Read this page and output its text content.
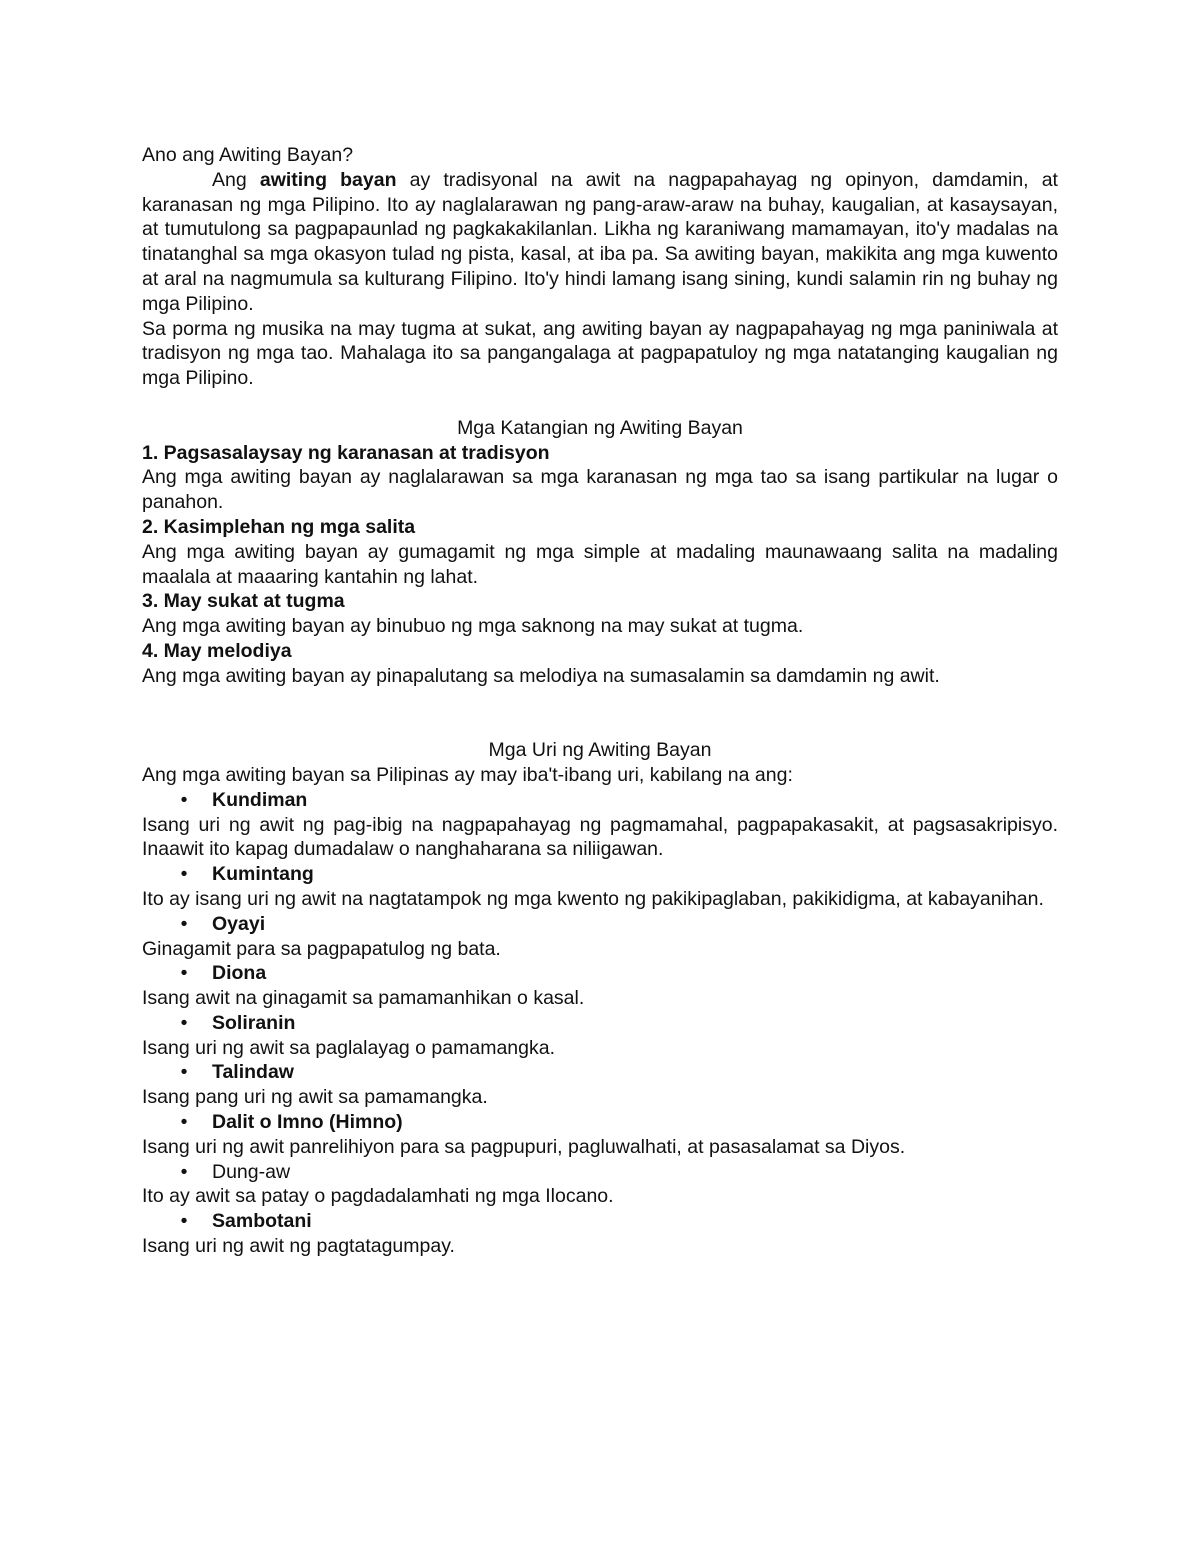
Ano ang Awiting Bayan?

Ang awiting bayan ay tradisyonal na awit na nagpapahayag ng opinyon, damdamin, at karanasan ng mga Pilipino. Ito ay naglalarawan ng pang-araw-araw na buhay, kaugalian, at kasaysayan, at tumutulong sa pagpapaunlad ng pagkakakilanlan. Likha ng karaniwang mamamayan, ito'y madalas na tinatanghal sa mga okasyon tulad ng pista, kasal, at iba pa. Sa awiting bayan, makikita ang mga kuwento at aral na nagmumula sa kulturang Filipino. Ito'y hindi lamang isang sining, kundi salamin rin ng buhay ng mga Pilipino.

Sa porma ng musika na may tugma at sukat, ang awiting bayan ay nagpapahayag ng mga paniniwala at tradisyon ng mga tao. Mahalaga ito sa pangangalaga at pagpapatuloy ng mga natatanging kaugalian ng mga Pilipino.

Mga Katangian ng Awiting Bayan

1. Pagsasalaysay ng karanasan at tradisyon

Ang mga awiting bayan ay naglalarawan sa mga karanasan ng mga tao sa isang partikular na lugar o panahon.

2. Kasimplehan ng mga salita

Ang mga awiting bayan ay gumagamit ng mga simple at madaling maunawaang salita na madaling maalala at maaaring kantahin ng lahat.

3. May sukat at tugma

Ang mga awiting bayan ay binubuo ng mga saknong na may sukat at tugma.

4. May melodiya

Ang mga awiting bayan ay pinapalutang sa melodiya na sumasalamin sa damdamin ng awit.

Mga Uri ng Awiting Bayan

Ang mga awiting bayan sa Pilipinas ay may iba't-ibang uri, kabilang na ang:

•	Kundiman

Isang uri ng awit ng pag-ibig na nagpapahayag ng pagmamahal, pagpapakasakit, at pagsasakripisyo. Inaawit ito kapag dumadalaw o nanghaharana sa niliigawan.

•	Kumintang

Ito ay isang uri ng awit na nagtatampok ng mga kwento ng pakikipaglaban, pakikidigma, at kabayanihan.

•	Oyayi

Ginagamit para sa pagpapatulog ng bata.

•	Diona

Isang awit na ginagamit sa pamamanhikan o kasal.

•	Soliranin

Isang uri ng awit sa paglalayag o pamamangka.

•	Talindaw

Isang pang uri ng awit sa pamamangka.

•	Dalit o Imno (Himno)

Isang uri ng awit panrelihiyon para sa pagpupuri, pagluwalhati, at pasasalamat sa Diyos.

•	Dung-aw

Ito ay awit sa patay o pagdadalamhati ng mga Ilocano.

•	Sambotani

Isang uri ng awit ng pagtatagumpay.
